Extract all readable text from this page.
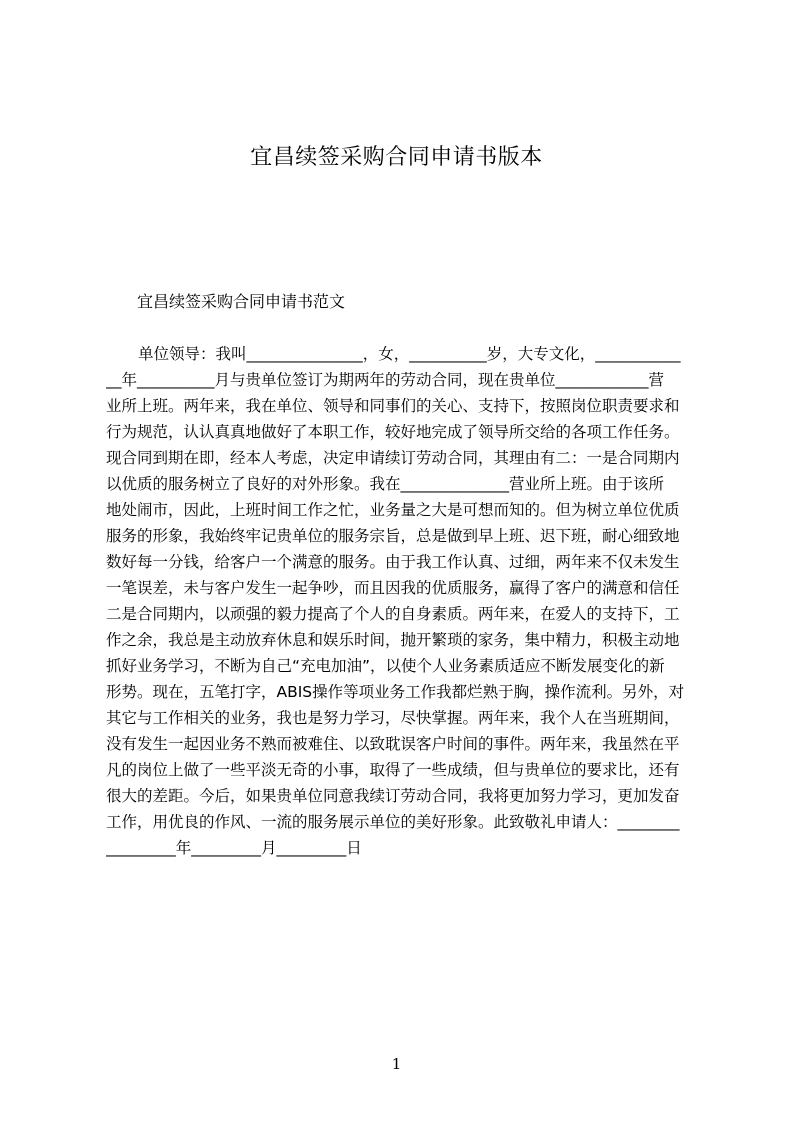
宜昌续签采购合同申请书版本
宜昌续签采购合同申请书范文
单位领导：我叫_______________，女，__________岁，大专文化，___________
__年__________月与贵单位签订为期两年的劳动合同，现在贵单位____________营
业所上班。两年来，我在单位、领导和同事们的关心、支持下，按照岗位职责要求和
行为规范，认认真真地做好了本职工作，较好地完成了领导所交给的各项工作任务。
现合同到期在即，经本人考虑，决定申请续订劳动合同，其理由有二：一是合同期内
以优质的服务树立了良好的对外形象。我在______________营业所上班。由于该所
地处闹市，因此，上班时间工作之忙，业务量之大是可想而知的。但为树立单位优质
服务的形象，我始终牢记贵单位的服务宗旨，总是做到早上班、迟下班，耐心细致地
数好每一分钱，给客户一个满意的服务。由于我工作认真、过细，两年来不仅未发生
一笔误差，未与客户发生一起争吵，而且因我的优质服务，赢得了客户的满意和信任
二是合同期内，以顽强的毅力提高了个人的自身素质。两年来，在爱人的支持下，工
作之余，我总是主动放弃休息和娱乐时间，抛开繁琐的家务，集中精力，积极主动地
抓好业务学习，不断为自己“充电加油”，以使个人业务素质适应不断发展变化的新
形势。现在，五笔打字，ABIS操作等项业务工作我都烂熟于胸，操作流利。另外，对
其它与工作相关的业务，我也是努力学习，尽快掌握。两年来，我个人在当班期间，
没有发生一起因业务不熟而被难住、以致耽误客户时间的事件。两年来，我虽然在平
凡的岗位上做了一些平淡无奇的小事，取得了一些成绩，但与贵单位的要求比，还有
很大的差距。今后，如果贵单位同意我续订劳动合同，我将更加努力学习，更加发奋
工作，用优良的作风、一流的服务展示单位的美好形象。此致敬礼申请人：________
_________年_________月_________日
1
